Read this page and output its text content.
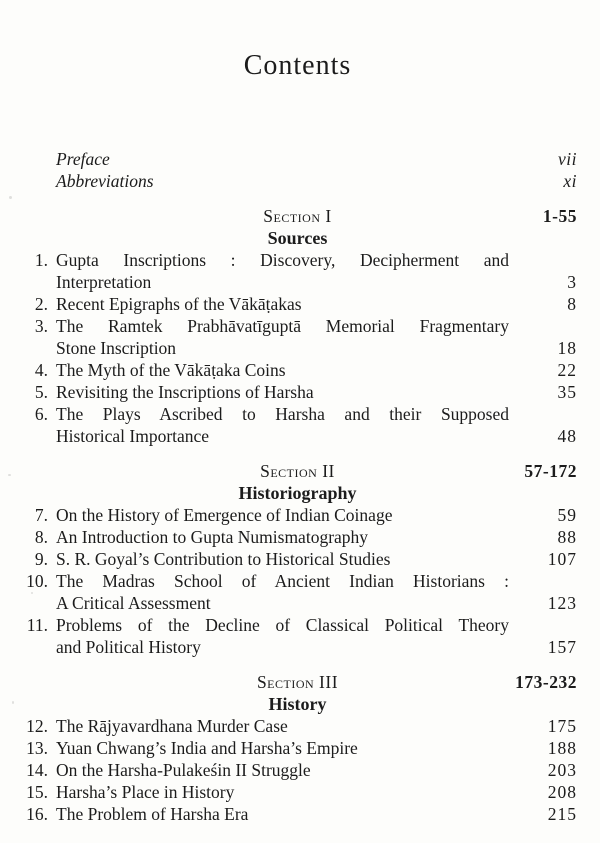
Contents
Preface	vii
Abbreviations	xi
Section I	1-55
Sources
1. Gupta Inscriptions : Discovery, Decipherment and
Interpretation	3
2. Recent Epigraphs of the Vākāṭakas	8
3. The Ramtek Prabhāvatīguptā Memorial Fragmentary
Stone Inscription	18
4. The Myth of the Vākāṭaka Coins	22
5. Revisiting the Inscriptions of Harsha	35
6. The Plays Ascribed to Harsha and their Supposed
Historical Importance	48
Section II	57-172
Historiography
7. On the History of Emergence of Indian Coinage	59
8. An Introduction to Gupta Numismatography	88
9. S. R. Goyal’s Contribution to Historical Studies	107
10. The Madras School of Ancient Indian Historians :
A Critical Assessment	123
11. Problems of the Decline of Classical Political Theory
and Political History	157
Section III	173-232
History
12. The Rājyavardhana Murder Case	175
13. Yuan Chwang’s India and Harsha’s Empire	188
14. On the Harsha-Pulakeśin II Struggle	203
15. Harsha’s Place in History	208
16. The Problem of Harsha Era	215
